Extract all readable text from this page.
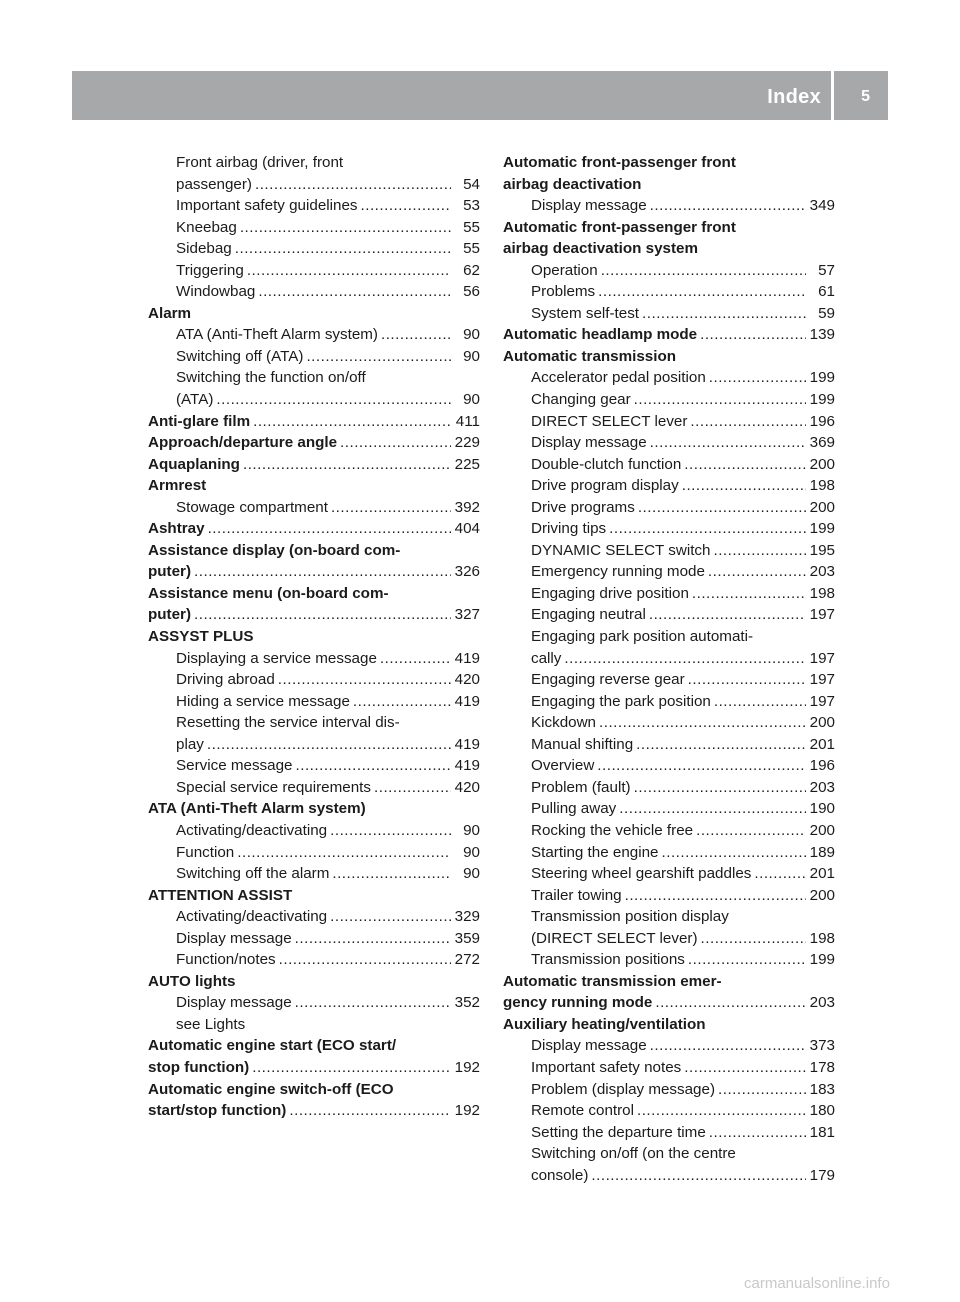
Index	5
Front airbag (driver, front
passenger) .....	54
Important safety guidelines .....	53
Kneebag .....	55
Sidebag .....	55
Triggering .....	62
Windowbag .....	56
Alarm
ATA (Anti-Theft Alarm system) .....	90
Switching off (ATA) .....	90
Switching the function on/off
(ATA) .....	90
Anti-glare film .....	411
Approach/departure angle .....	229
Aquaplaning .....	225
Armrest
Stowage compartment .....	392
Ashtray .....	404
Assistance display (on-board com-
puter) .....	326
Assistance menu (on-board com-
puter) .....	327
ASSYST PLUS
Displaying a service message .....	419
Driving abroad .....	420
Hiding a service message .....	419
Resetting the service interval dis-
play .....	419
Service message .....	419
Special service requirements .....	420
ATA (Anti-Theft Alarm system)
Activating/deactivating .....	90
Function .....	90
Switching off the alarm .....	90
ATTENTION ASSIST
Activating/deactivating .....	329
Display message .....	359
Function/notes .....	272
AUTO lights
Display message .....	352
see Lights
Automatic engine start (ECO start/
stop function) .....	192
Automatic engine switch-off (ECO
start/stop function) .....	192
Automatic front-passenger front
airbag deactivation
Display message .....	349
Automatic front-passenger front
airbag deactivation system
Operation .....	57
Problems .....	61
System self-test .....	59
Automatic headlamp mode .....	139
Automatic transmission
Accelerator pedal position .....	199
Changing gear .....	199
DIRECT SELECT lever .....	196
Display message .....	369
Double-clutch function .....	200
Drive program display .....	198
Drive programs .....	200
Driving tips .....	199
DYNAMIC SELECT switch .....	195
Emergency running mode .....	203
Engaging drive position .....	198
Engaging neutral .....	197
Engaging park position automati-
cally .....	197
Engaging reverse gear .....	197
Engaging the park position .....	197
Kickdown .....	200
Manual shifting .....	201
Overview .....	196
Problem (fault) .....	203
Pulling away .....	190
Rocking the vehicle free .....	200
Starting the engine .....	189
Steering wheel gearshift paddles .....	201
Trailer towing .....	200
Transmission position display
(DIRECT SELECT lever) .....	198
Transmission positions .....	199
Automatic transmission emer-
gency running mode .....	203
Auxiliary heating/ventilation
Display message .....	373
Important safety notes .....	178
Problem (display message) .....	183
Remote control .....	180
Setting the departure time .....	181
Switching on/off (on the centre
console) .....	179
carmanualsonline.info
